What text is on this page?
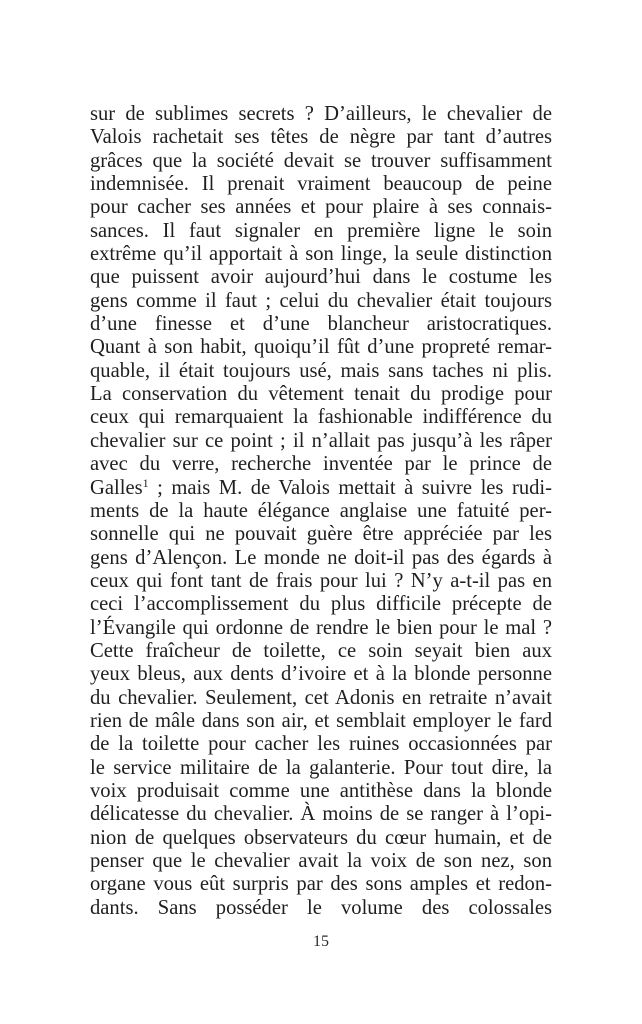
sur de sublimes secrets ? D’ailleurs, le chevalier de
Valois rachetait ses têtes de nègre par tant d’autres
grâces que la société devait se trouver suffisamment
indemnisée. Il prenait vraiment beaucoup de peine
pour cacher ses années et pour plaire à ses connais-
sances. Il faut signaler en première ligne le soin
extrême qu’il apportait à son linge, la seule distinction
que puissent avoir aujourd’hui dans le costume les
gens comme il faut ; celui du chevalier était toujours
d’une finesse et d’une blancheur aristocratiques.
Quant à son habit, quoiqu’il fût d’une propreté remar-
quable, il était toujours usé, mais sans taches ni plis.
La conservation du vêtement tenait du prodige pour
ceux qui remarquaient la fashionable indifférence du
chevalier sur ce point ; il n’allait pas jusqu’à les râper
avec du verre, recherche inventée par le prince de
Galles$^1$ ; mais M. de Valois mettait à suivre les rudi-
ments de la haute élégance anglaise une fatuité per-
sonnelle qui ne pouvait guère être appréciée par les
gens d’Alençon. Le monde ne doit-il pas des égards à
ceux qui font tant de frais pour lui ? N’y a-t-il pas en
ceci l’accomplissement du plus difficile précepte de
l’Évangile qui ordonne de rendre le bien pour le mal ?
Cette fraîcheur de toilette, ce soin seyait bien aux
yeux bleus, aux dents d’ivoire et à la blonde personne
du chevalier. Seulement, cet Adonis en retraite n’avait
rien de mâle dans son air, et semblait employer le fard
de la toilette pour cacher les ruines occasionnées par
le service militaire de la galanterie. Pour tout dire, la
voix produisait comme une antithèse dans la blonde
délicatesse du chevalier. À moins de se ranger à l’opi-
nion de quelques observateurs du cœur humain, et de
penser que le chevalier avait la voix de son nez, son
organe vous eût surpris par des sons amples et redon-
dants. Sans posséder le volume des colossales
15
